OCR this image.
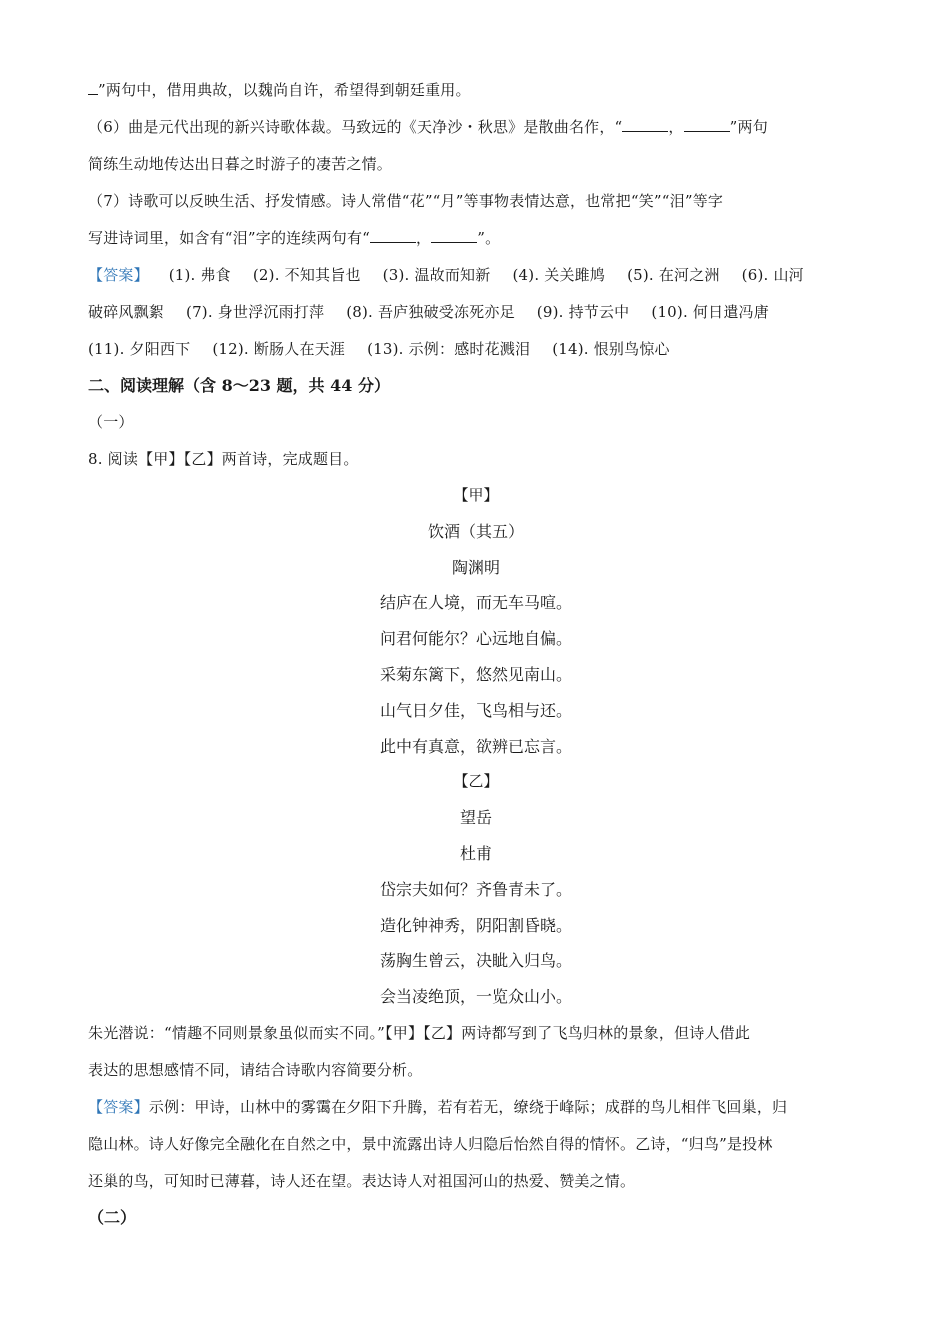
”两句中，借用典故，以魏尚自许，希望得到朝廷重用。
（6）曲是元代出现的新兴诗歌体裁。马致远的《天净沙・秋思》是散曲名作，“	，	”两句
简练生动地传达出日暮之时游子的凄苦之情。
（7）诗歌可以反映生活、抒发情感。诗人常借“花”“月”等事物表情达意，也常把“笑”“泪”等字
写进诗词里，如含有“泪”字的连续两句有“	，	”。
【答案】 (1). 弗食 (2). 不知其旨也 (3). 温故而知新 (4). 关关雎鸠 (5). 在河之洲 (6). 山河
破碎风飘絮 (7). 身世浮沉雨打萍 (8). 吾庐独破受冻死亦足 (9). 持节云中 (10). 何日遣冯唐
(11). 夕阳西下 (12). 断肠人在天涯 (13). 示例：感时花溅泪 (14). 恨别鸟惊心
二、阅读理解（含 8～23 题，共 44 分）
（一）
8. 阅读【甲】【乙】两首诗，完成题目。
【甲】
饮酒（其五）
陶渊明
结庐在人境，而无车马喧。
问君何能尔？心远地自偏。
采菊东篱下，悠然见南山。
山气日夕佳，飞鸟相与还。
此中有真意，欲辨已忘言。
【乙】
望岳
杜甫
岱宗夫如何？齐鲁青未了。
造化钟神秀，阴阳割昏晓。
荡胸生曾云，决眦入归鸟。
会当凌绝顶，一览众山小。
朱光潜说：“情趣不同则景象虽似而实不同。”【甲】【乙】两诗都写到了飞鸟归林的景象，但诗人借此
表达的思想感情不同，请结合诗歌内容简要分析。
【答案】示例：甲诗，山林中的雾霭在夕阳下升腾，若有若无，缭绕于峰际；成群的鸟儿相伴飞回巢，归
隐山林。诗人好像完全融化在自然之中，景中流露出诗人归隐后怡然自得的情怀。乙诗，“归鸟”是投林
还巢的鸟，可知时已薄暮，诗人还在望。表达诗人对祖国河山的热爱、赞美之情。
（二）
